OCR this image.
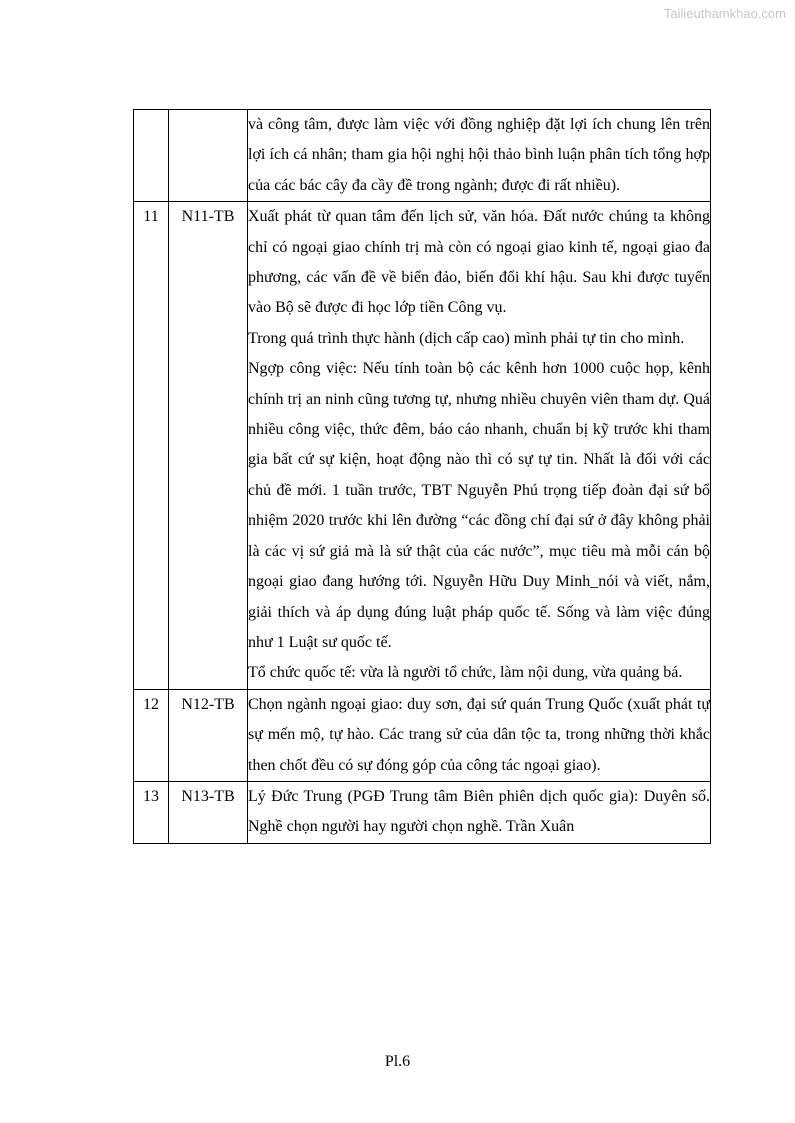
Tailieuthamkhao.com

		và công tâm, được làm việc với đồng nghiệp đặt lợi ích chung lên trên lợi ích cá nhân; tham gia hội nghị hội thảo bình luận phân tích tổng hợp của các bác cây đa cầy đề trong ngành; được đi rất nhiều).

11	N11-TB	Xuất phát từ quan tâm đến lịch sử, văn hóa. Đất nước chúng ta không chỉ có ngoại giao chính trị mà còn có ngoại giao kinh tế, ngoại giao đa phương, các vấn đề về biển đảo, biến đổi khí hậu. Sau khi được tuyển vào Bộ sẽ được đi học lớp tiền Công vụ.

Trong quá trình thực hành (dịch cấp cao) mình phải tự tin cho mình.

Ngợp công việc: Nếu tính toàn bộ các kênh hơn 1000 cuộc họp, kênh chính trị an ninh cũng tương tự, nhưng nhiều chuyên viên tham dự. Quá nhiều công việc, thức đêm, báo cáo nhanh, chuẩn bị kỹ trước khi tham gia bất cứ sự kiện, hoạt động nào thì có sự tự tin. Nhất là đối với các chủ đề mới. 1 tuần trước, TBT Nguyễn Phú trọng tiếp đoàn đại sứ bổ nhiệm 2020 trước khi lên đường “các đồng chí đại sứ ở đây không phải là các vị sứ giả mà là sứ thật của các nước”, mục tiêu mà mỗi cán bộ ngoại giao đang hướng tới. Nguyễn Hữu Duy Minh_nói và viết, nắm, giải thích và áp dụng đúng luật pháp quốc tế. Sống và làm việc đúng như 1 Luật sư quốc tế.

Tổ chức quốc tế: vừa là người tổ chức, làm nội dung, vừa quảng bá.

12	N12-TB	Chọn ngành ngoại giao: duy sơn, đại sứ quán Trung Quốc (xuất phát tự sự mến mộ, tự hào. Các trang sử của dân tộc ta, trong những thời khắc then chốt đều có sự đóng góp của công tác ngoại giao).

13	N13-TB	Lý Đức Trung (PGĐ Trung tâm Biên phiên dịch quốc gia): Duyên số. Nghề chọn người hay người chọn nghề. Trần Xuân

Pl.6
